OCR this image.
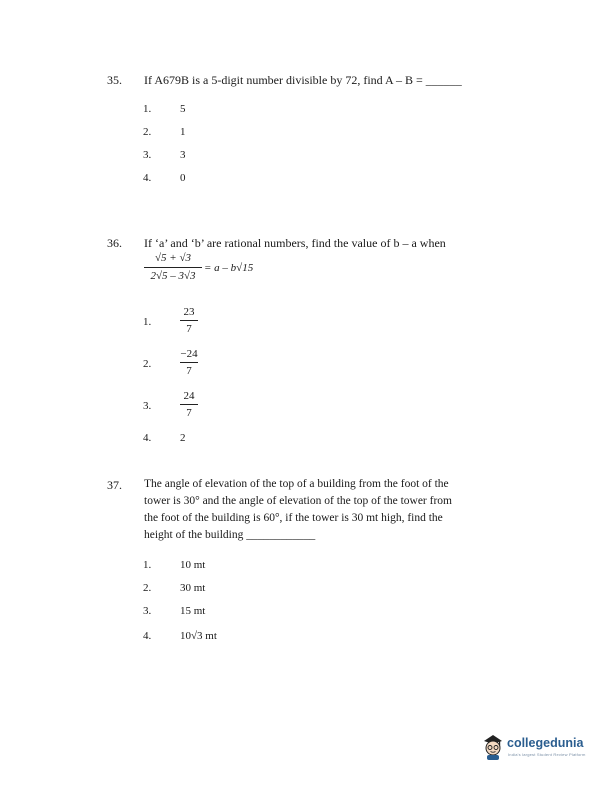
35. If A679B is a 5-digit number divisible by 72, find A – B = ______
1.	5
2.	1
3.	3
4.	0
36. If ‘a’ and ‘b’ are rational numbers, find the value of b – a when
√5 + √3
2√5 – 3√3
= a – b√15
1.
23
7
2.
−24
7
3.
24
7
4.	2
37. The angle of elevation of the top of a building from the foot of the
tower is 30° and the angle of elevation of the top of the tower from
the foot of the building is 60°, if the tower is 30 mt high, find the
height of the building ____________
1.	10 mt
2.	30 mt
3.	15 mt
4.	10√3 mt
collegedunia
India's largest Student Review Platform
